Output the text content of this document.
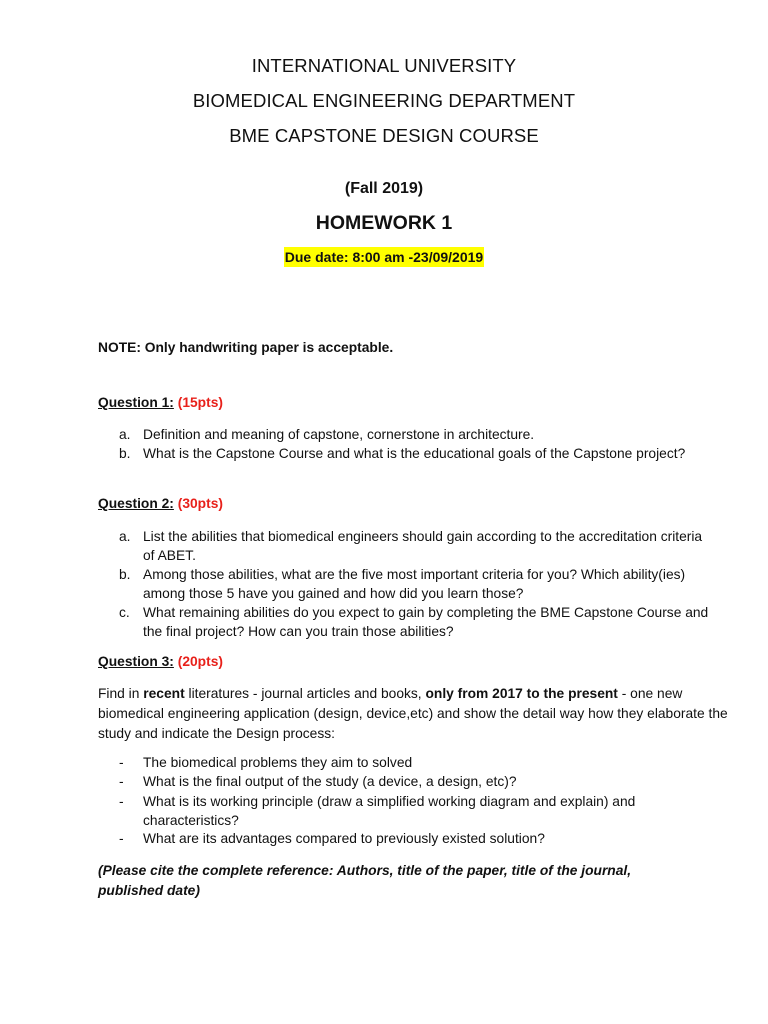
INTERNATIONAL UNIVERSITY
BIOMEDICAL ENGINEERING DEPARTMENT
BME CAPSTONE DESIGN COURSE
(Fall 2019)
HOMEWORK 1
Due date: 8:00 am -23/09/2019
NOTE: Only handwriting paper is acceptable.
Question 1: (15pts)
a. Definition and meaning of capstone, cornerstone in architecture.
b. What is the Capstone Course and what is the educational goals of the Capstone project?
Question 2: (30pts)
a. List the abilities that biomedical engineers should gain according to the accreditation criteria of ABET.
b. Among those abilities, what are the five most important criteria for you? Which ability(ies) among those 5 have you gained and how did you learn those?
c. What remaining abilities do you expect to gain by completing the BME Capstone Course and the final project? How can you train those abilities?
Question 3: (20pts)
Find in recent literatures - journal articles and books, only from 2017 to the present - one new biomedical engineering application (design, device,etc) and show the detail way how they elaborate the study and indicate the Design process:
- The biomedical problems they aim to solved
- What is the final output of the study (a device, a design, etc)?
- What is its working principle (draw a simplified working diagram and explain) and characteristics?
- What are its advantages compared to previously existed solution?
(Please cite the complete reference: Authors, title of the paper, title of the journal, published date)
